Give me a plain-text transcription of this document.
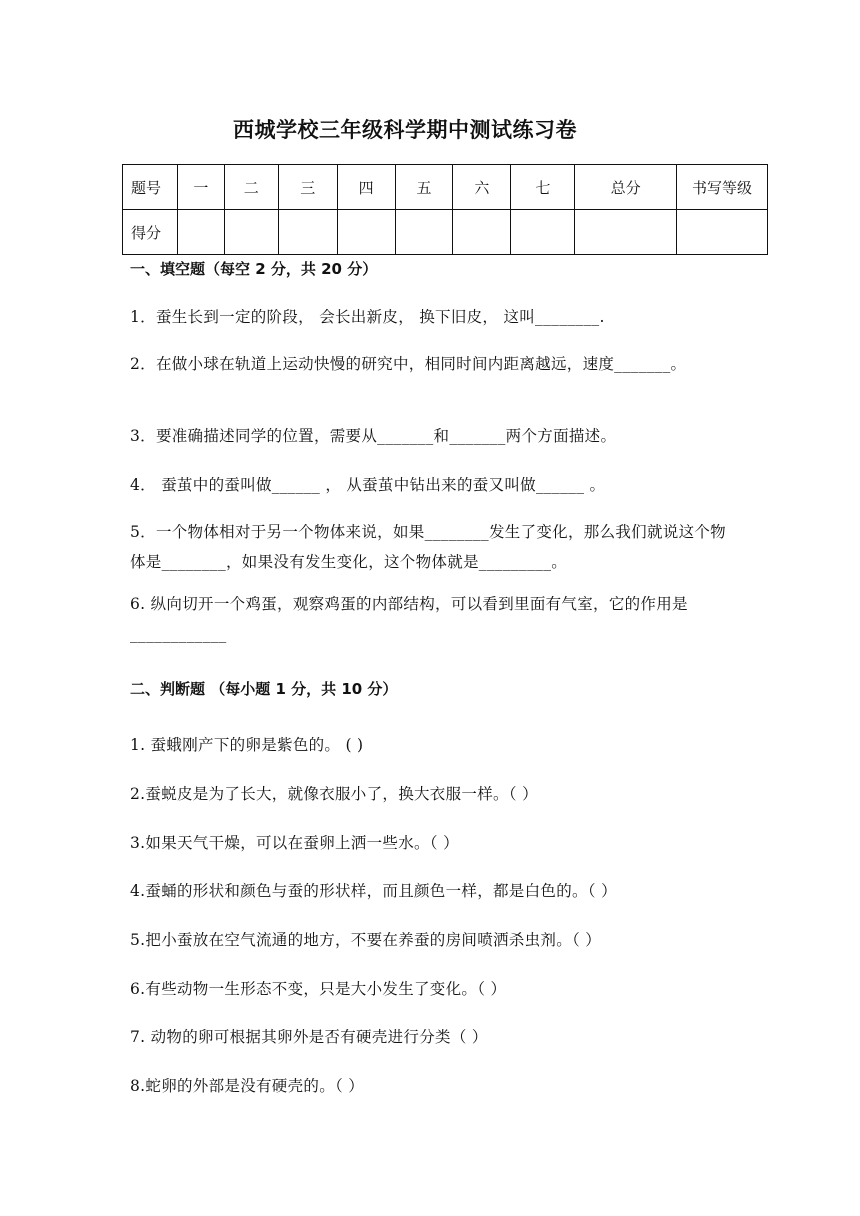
西城学校三年级科学期中测试练习卷
题号	一	二	三	四	五	六	七	总分	书写等级
得分									
一、填空题（每空 2 分，共 20 分）
1．蚕生长到一定的阶段， 会长出新皮， 换下旧皮， 这叫________.
2．在做小球在轨道上运动快慢的研究中，相同时间内距离越远，速度_______。
3．要准确描述同学的位置，需要从_______和_______两个方面描述。
4． 蚕茧中的蚕叫做______ ， 从蚕茧中钻出来的蚕又叫做______ 。
5．一个物体相对于另一个物体来说，如果________发生了变化，那么我们就说这个物体是________，如果没有发生变化，这个物体就是_________。
6. 纵向切开一个鸡蛋，观察鸡蛋的内部结构，可以看到里面有气室，它的作用是____________
二、判断题 （每小题 1 分，共 10 分）
1. 蚕蛾刚产下的卵是紫色的。 ( )
2.蚕蜕皮是为了长大，就像衣服小了，换大衣服一样。（ ）
3.如果天气干燥，可以在蚕卵上洒一些水。（ ）
4.蚕蛹的形状和颜色与蚕的形状样，而且颜色一样，都是白色的。（ ）
5.把小蚕放在空气流通的地方，不要在养蚕的房间喷洒杀虫剂。（ ）
6.有些动物一生形态不变，只是大小发生了变化。（ ）
7. 动物的卵可根据其卵外是否有硬壳进行分类（ ）
8.蛇卵的外部是没有硬壳的。（ ）
